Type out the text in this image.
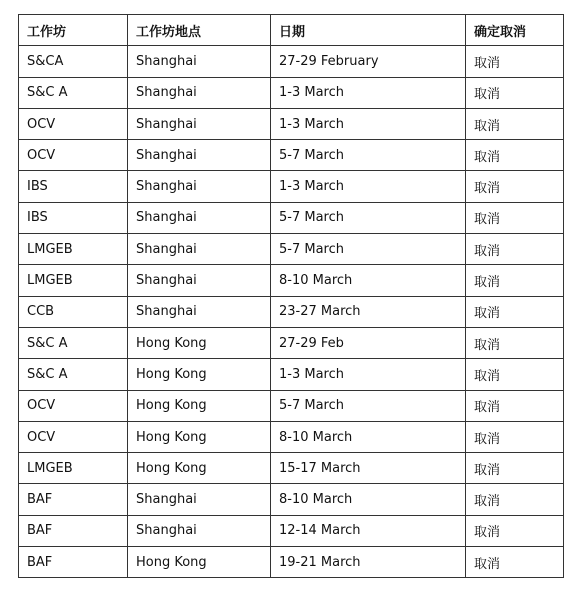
工作坊	工作坊地点	日期	确定取消
S&CA	Shanghai	27-29 February	取消
S&C A	Shanghai	1-3 March	取消
OCV	Shanghai	1-3 March	取消
OCV	Shanghai	5-7 March	取消
IBS	Shanghai	1-3 March	取消
IBS	Shanghai	5-7 March	取消
LMGEB	Shanghai	5-7 March	取消
LMGEB	Shanghai	8-10 March	取消
CCB	Shanghai	23-27 March	取消
S&C A	Hong Kong	27-29 Feb	取消
S&C A	Hong Kong	1-3 March	取消
OCV	Hong Kong	5-7 March	取消
OCV	Hong Kong	8-10 March	取消
LMGEB	Hong Kong	15-17 March	取消
BAF	Shanghai	8-10 March	取消
BAF	Shanghai	12-14 March	取消
BAF	Hong Kong	19-21 March	取消
